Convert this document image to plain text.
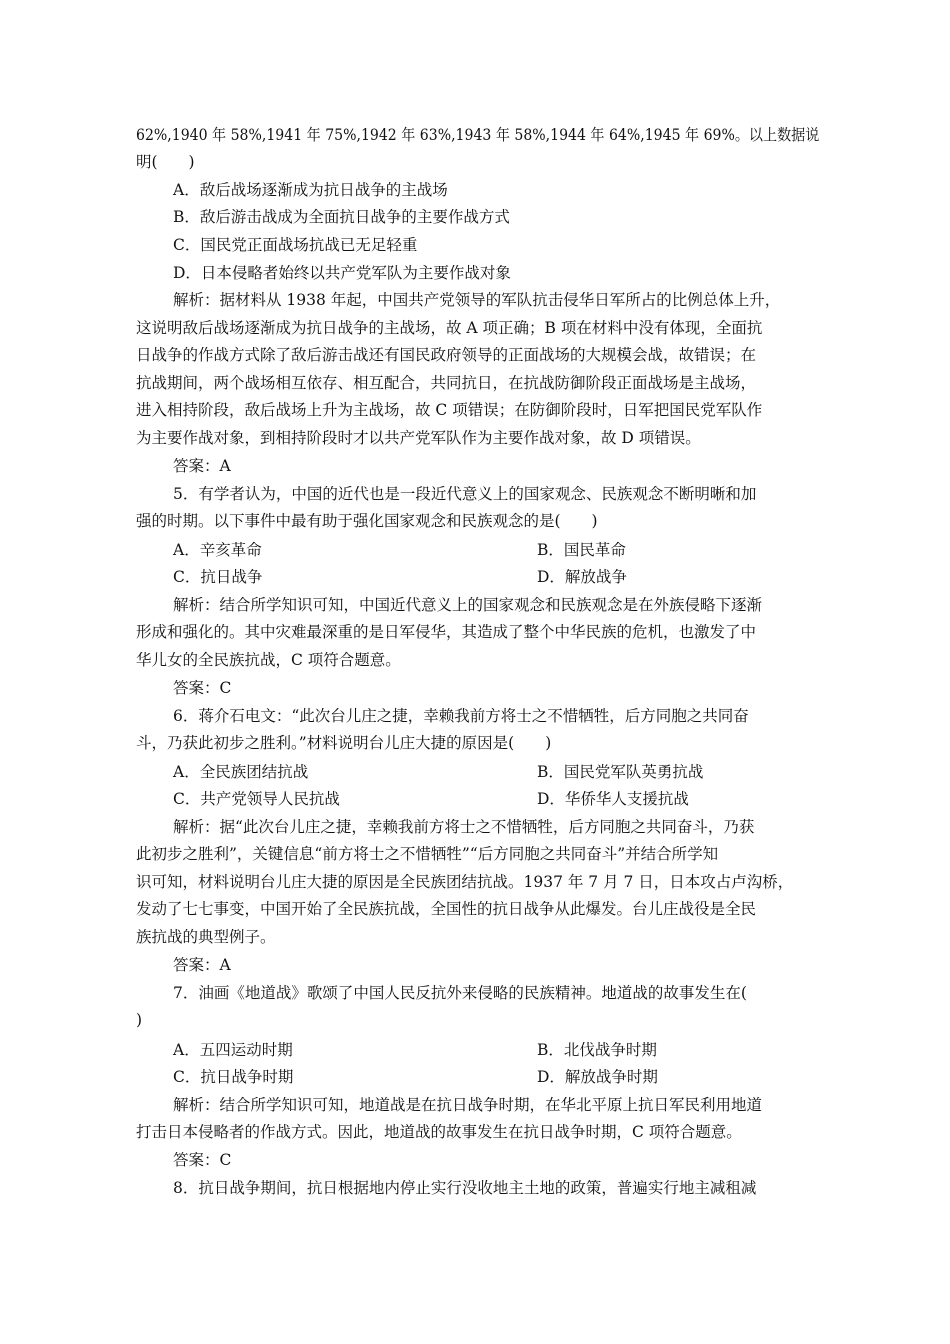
62%,1940 年 58%,1941 年 75%,1942 年 63%,1943 年 58%,1944 年 64%,1945 年 69%。以上数据说
明(　　)
A．敌后战场逐渐成为抗日战争的主战场
B．敌后游击战成为全面抗日战争的主要作战方式
C．国民党正面战场抗战已无足轻重
D．日本侵略者始终以共产党军队为主要作战对象
解析：据材料从 1938 年起，中国共产党领导的军队抗击侵华日军所占的比例总体上升，
这说明敌后战场逐渐成为抗日战争的主战场，故 A 项正确；B 项在材料中没有体现，全面抗
日战争的作战方式除了敌后游击战还有国民政府领导的正面战场的大规模会战，故错误；在
抗战期间，两个战场相互依存、相互配合，共同抗日，在抗战防御阶段正面战场是主战场，
进入相持阶段，敌后战场上升为主战场，故 C 项错误；在防御阶段时，日军把国民党军队作
为主要作战对象，到相持阶段时才以共产党军队作为主要作战对象，故 D 项错误。
答案：A
5．有学者认为，中国的近代也是一段近代意义上的国家观念、民族观念不断明晰和加
强的时期。以下事件中最有助于强化国家观念和民族观念的是(　　)
A．辛亥革命	B．国民革命
C．抗日战争	D．解放战争
解析：结合所学知识可知，中国近代意义上的国家观念和民族观念是在外族侵略下逐渐
形成和强化的。其中灾难最深重的是日军侵华，其造成了整个中华民族的危机，也激发了中
华儿女的全民族抗战，C 项符合题意。
答案：C
6．蒋介石电文：“此次台儿庄之捷，幸赖我前方将士之不惜牺牲，后方同胞之共同奋
斗，乃获此初步之胜利。”材料说明台儿庄大捷的原因是(　　)
A．全民族团结抗战	B．国民党军队英勇抗战
C．共产党领导人民抗战	D．华侨华人支援抗战
解析：据“此次台儿庄之捷，幸赖我前方将士之不惜牺牲，后方同胞之共同奋斗，乃获
此初步之胜利”，关键信息“前方将士之不惜牺牲”“后方同胞之共同奋斗”并结合所学知
识可知，材料说明台儿庄大捷的原因是全民族团结抗战。1937 年 7 月 7 日，日本攻占卢沟桥，
发动了七七事变，中国开始了全民族抗战，全国性的抗日战争从此爆发。台儿庄战役是全民
族抗战的典型例子。
答案：A
7．油画《地道战》歌颂了中国人民反抗外来侵略的民族精神。地道战的故事发生在(
)
A．五四运动时期	B．北伐战争时期
C．抗日战争时期	D．解放战争时期
解析：结合所学知识可知，地道战是在抗日战争时期，在华北平原上抗日军民利用地道
打击日本侵略者的作战方式。因此，地道战的故事发生在抗日战争时期，C 项符合题意。
答案：C
8．抗日战争期间，抗日根据地内停止实行没收地主土地的政策，普遍实行地主减租减
